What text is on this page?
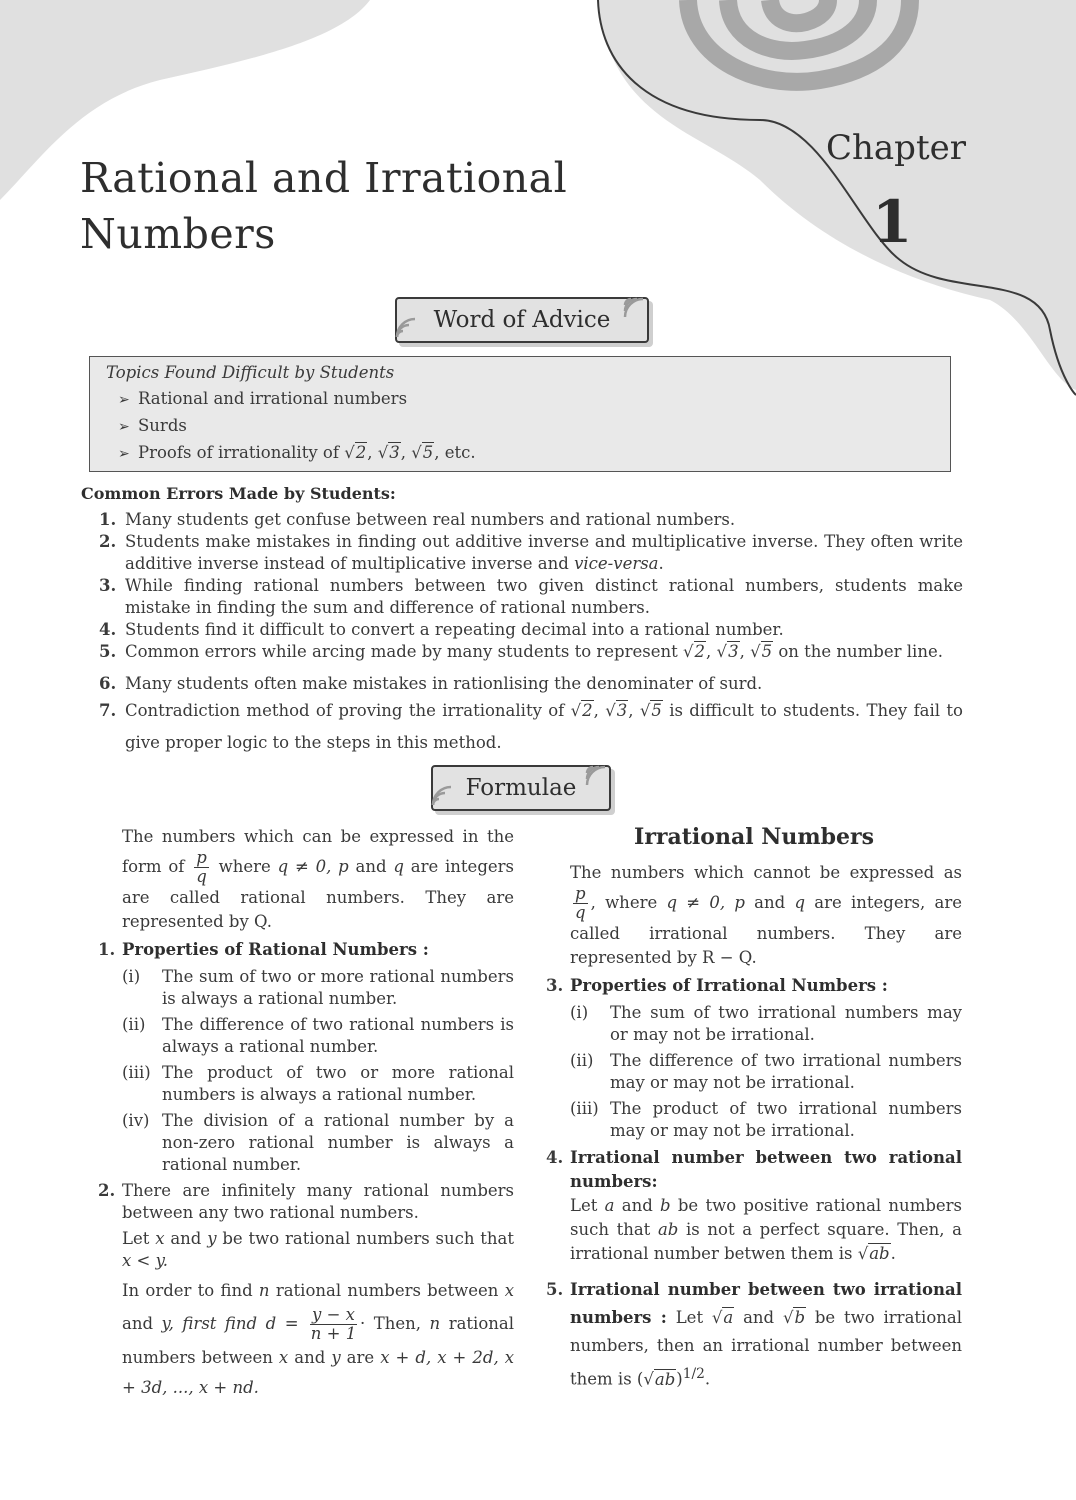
Rational and Irrational
Numbers
Chapter
1
Word of Advice

Topics Found Difficult by Students

➢ Rational and irrational numbers
➢ Surds
➢ Proofs of irrationality of √2, √3, √5, etc.
Common Errors Made by Students:
1. Many students get confuse between real numbers and rational numbers.
2. Students make mistakes in finding out additive inverse and multiplicative inverse. They often write additive inverse instead of multiplicative inverse and vice-versa.
3. While finding rational numbers between two given distinct rational numbers, students make mistake in finding the sum and difference of rational numbers.
4. Students find it difficult to convert a repeating decimal into a rational number.
5. Common errors while arcing made by many students to represent √2, √3, √5 on the number line.
6. Many students often make mistakes in rationlising the denominater of surd.
7. Contradiction method of proving the irrationality of √2, √3, √5 is difficult to students. They fail to give proper logic to the steps in this method.
Formulae

The numbers which can be expressed in the form of $\frac{p}{q}$ where q ≠ 0, p and q are integers are called rational numbers. They are represented by Q.

1. Properties of Rational Numbers :
(i) The sum of two or more rational numbers is always a rational number.
(ii) The difference of two rational numbers is always a rational number.
(iii) The product of two or more rational numbers is always a rational number.
(iv) The division of a rational number by a non-zero rational number is always a rational number.
2. There are infinitely many rational numbers between any two rational numbers.

Let x and y be two rational numbers such that x < y.

In order to find n rational numbers between x and y, first find $d = \frac{y - x}{n + 1}$ · Then, n rational numbers between x and y are x + d, x + 2d, x + 3d, ..., x + nd.

Irrational Numbers

The numbers which cannot be expressed as
$\frac{p}{q}$ , where q ≠ 0, p and q are integers, are called irrational numbers. They are represented by R − Q.

3. Properties of Irrational Numbers :
(i) The sum of two irrational numbers may or may not be irrational.
(ii) The difference of two irrational numbers may or may not be irrational.
(iii) The product of two irrational numbers may or may not be irrational.
4. Irrational number between two rational numbers:

Let a and b be two positive rational numbers such that ab is not a perfect square. Then, a irrational number betwen them is √ab.

5. Irrational number between two irrational numbers : Let √a and √b be two irrational numbers, then an irrational number between them is $(√ab)^{1/2}$.
